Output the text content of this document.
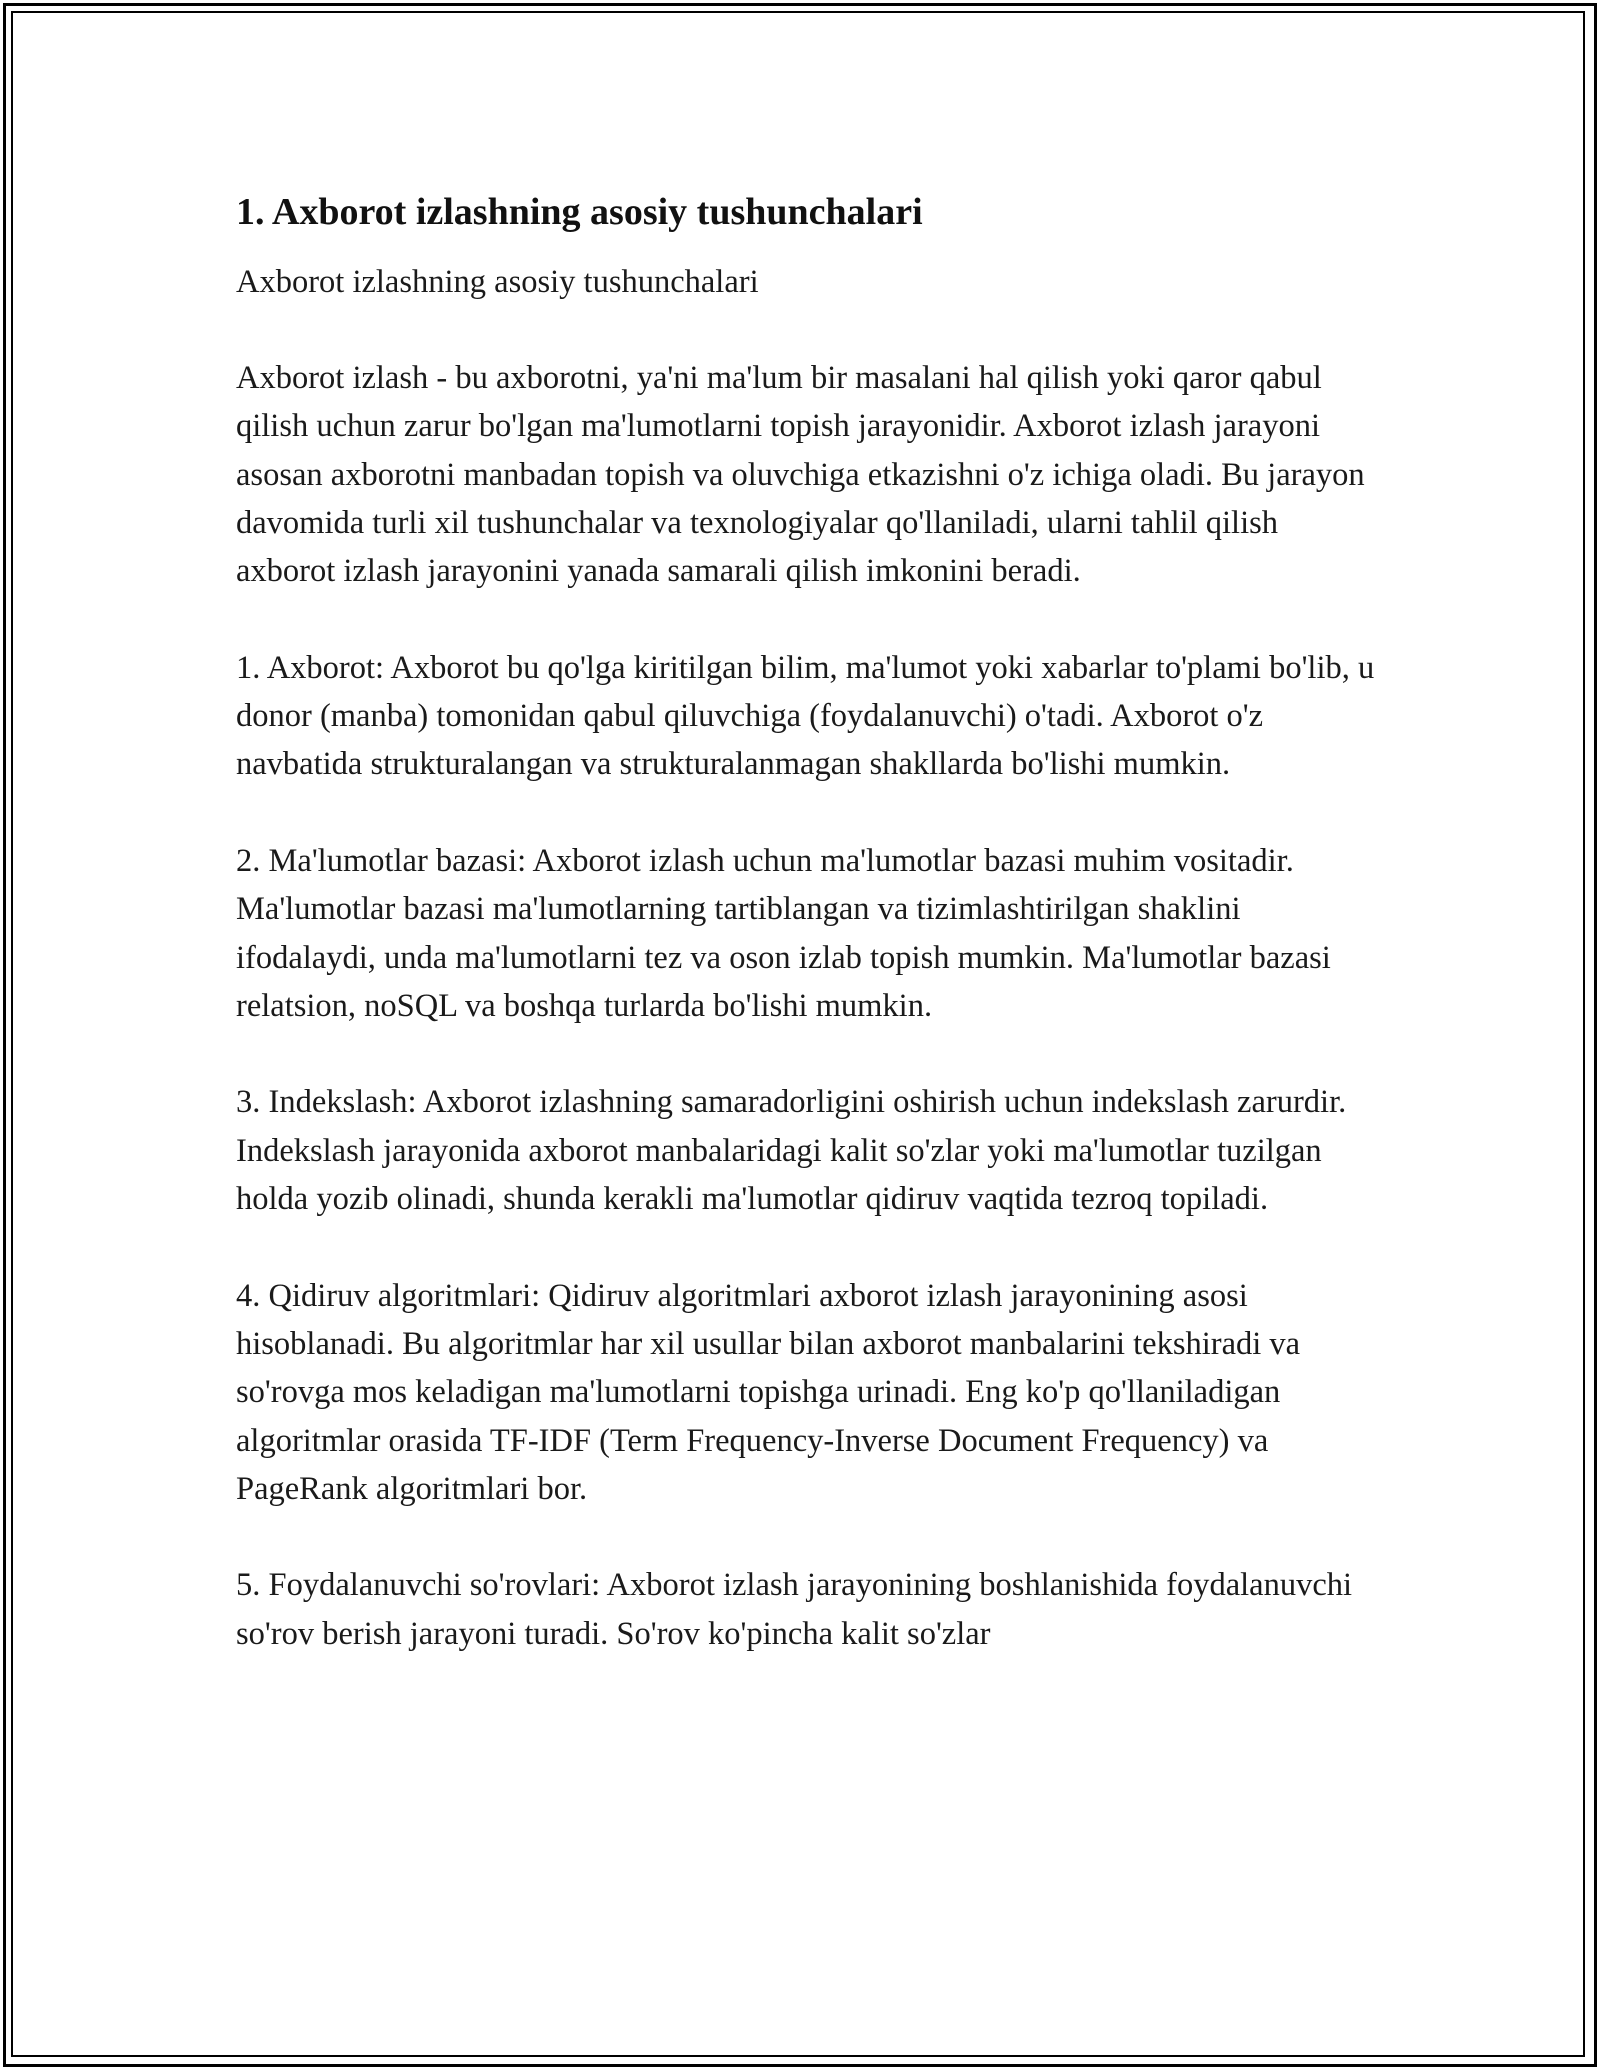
1. Axborot izlashning asosiy tushunchalari
Axborot izlashning asosiy tushunchalari

Axborot izlash - bu axborotni, ya'ni ma'lum bir masalani hal qilish yoki qaror qabul qilish uchun zarur bo'lgan ma'lumotlarni topish jarayonidir. Axborot izlash jarayoni asosan axborotni manbadan topish va oluvchiga etkazishni o'z ichiga oladi. Bu jarayon davomida turli xil tushunchalar va texnologiyalar qo'llaniladi, ularni tahlil qilish axborot izlash jarayonini yanada samarali qilish imkonini beradi.

1. Axborot: Axborot bu qo'lga kiritilgan bilim, ma'lumot yoki xabarlar to'plami bo'lib, u donor (manba) tomonidan qabul qiluvchiga (foydalanuvchi) o'tadi. Axborot o'z navbatida strukturalangan va strukturalanmagan shakllarda bo'lishi mumkin.

2. Ma'lumotlar bazasi: Axborot izlash uchun ma'lumotlar bazasi muhim vositadir. Ma'lumotlar bazasi ma'lumotlarning tartiblangan va tizimlashtirilgan shaklini ifodalaydi, unda ma'lumotlarni tez va oson izlab topish mumkin. Ma'lumotlar bazasi relatsion, noSQL va boshqa turlarda bo'lishi mumkin.

3. Indekslash: Axborot izlashning samaradorligini oshirish uchun indekslash zarurdir. Indekslash jarayonida axborot manbalaridagi kalit so'zlar yoki ma'lumotlar tuzilgan holda yozib olinadi, shunda kerakli ma'lumotlar qidiruv vaqtida tezroq topiladi.

4. Qidiruv algoritmlari: Qidiruv algoritmlari axborot izlash jarayonining asosi hisoblanadi. Bu algoritmlar har xil usullar bilan axborot manbalarini tekshiradi va so'rovga mos keladigan ma'lumotlarni topishga urinadi. Eng ko'p qo'llaniladigan algoritmlar orasida TF-IDF (Term Frequency-Inverse Document Frequency) va PageRank algoritmlari bor.

5. Foydalanuvchi so'rovlari: Axborot izlash jarayonining boshlanishida foydalanuvchi so'rov berish jarayoni turadi. So'rov ko'pincha kalit so'zlar
